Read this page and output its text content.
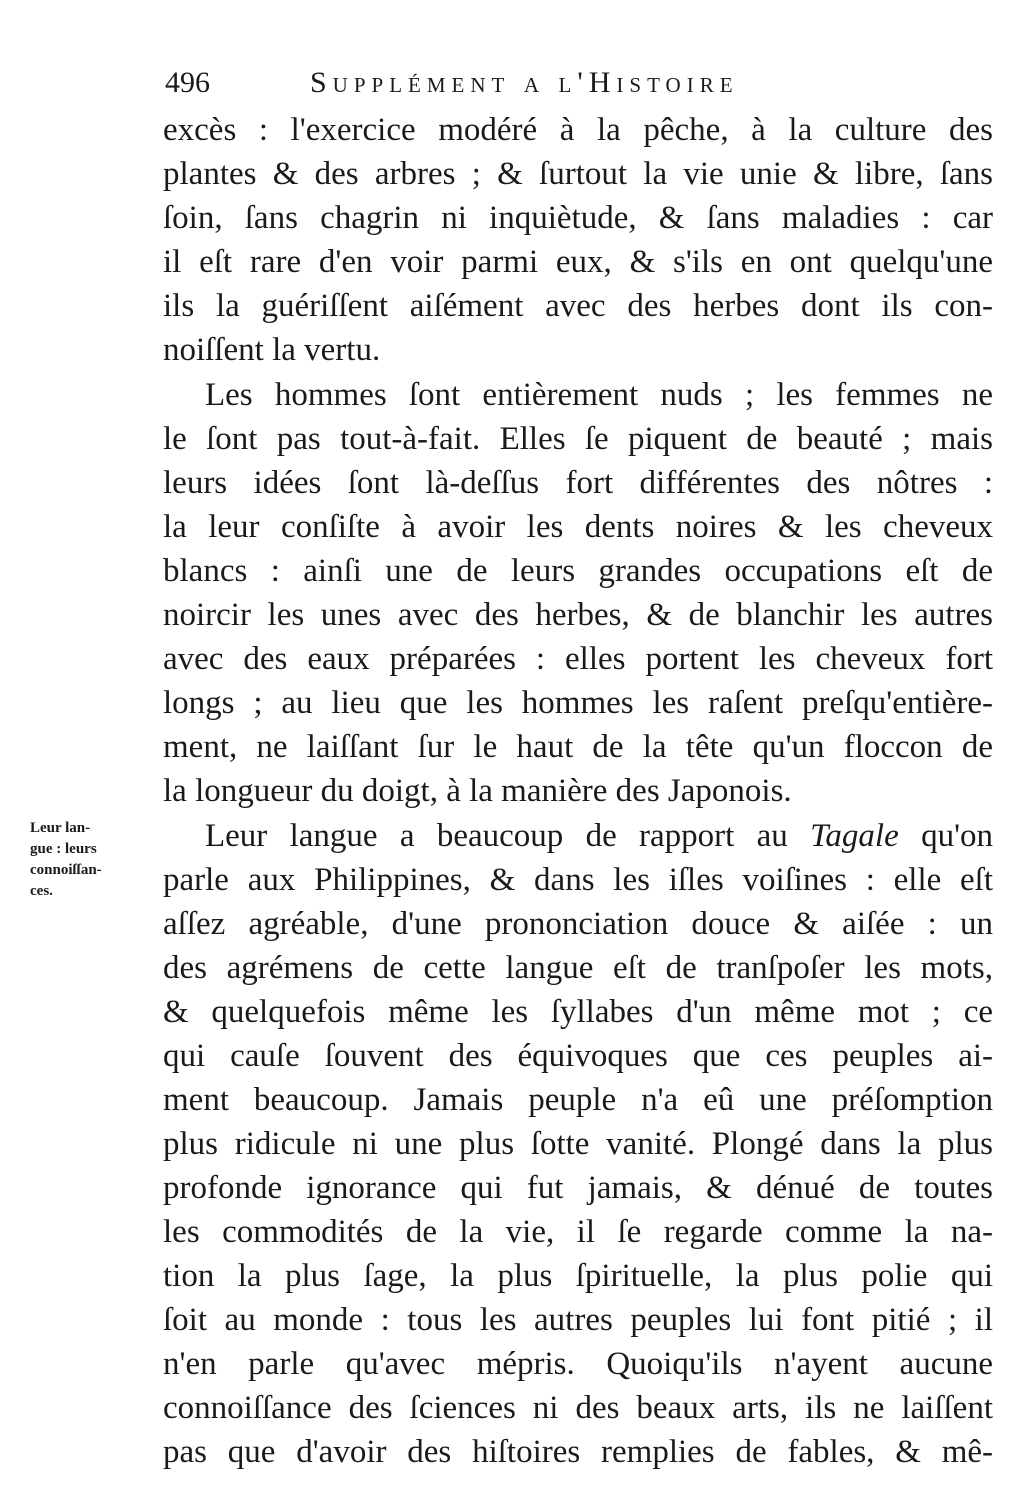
496	Supplément a l'Histoire
excès : l'exercice modéré à la pêche, à la culture des
plantes & des arbres ; & ſurtout la vie unie & libre, ſans
ſoin, ſans chagrin ni inquiètude, & ſans maladies : car
il eſt rare d'en voir parmi eux, & s'ils en ont quelqu'une
ils la guériſſent aiſément avec des herbes dont ils con-
noiſſent la vertu.
Les hommes ſont entièrement nuds ; les femmes ne
le ſont pas tout-à-fait. Elles ſe piquent de beauté ; mais
leurs idées ſont là-deſſus fort différentes des nôtres :
la leur conſiſte à avoir les dents noires & les cheveux
blancs : ainſi une de leurs grandes occupations eſt de
noircir les unes avec des herbes, & de blanchir les autres
avec des eaux préparées : elles portent les cheveux fort
longs ; au lieu que les hommes les raſent preſqu'entière-
ment, ne laiſſant ſur le haut de la tête qu'un floccon de
la longueur du doigt, à la manière des Japonois.
Leur langue a beaucoup de rapport au Tagale qu'on
parle aux Philippines, & dans les iſles voiſines : elle eſt
aſſez agréable, d'une prononciation douce & aiſée : un
des agrémens de cette langue eſt de tranſpoſer les mots,
& quelquefois même les ſyllabes d'un même mot ; ce
qui cauſe ſouvent des équivoques que ces peuples ai-
ment beaucoup. Jamais peuple n'a eû une préſomption
plus ridicule ni une plus ſotte vanité. Plongé dans la plus
profonde ignorance qui fut jamais, & dénué de toutes
les commodités de la vie, il ſe regarde comme la na-
tion la plus ſage, la plus ſpirituelle, la plus polie qui
ſoit au monde : tous les autres peuples lui font pitié ; il
n'en parle qu'avec mépris. Quoiqu'ils n'ayent aucune
connoiſſance des ſciences ni des beaux arts, ils ne laiſſent
pas que d'avoir des hiſtoires remplies de fables, & mê-
Leur lan-
gue : leurs
connoiſſan-
ces.
